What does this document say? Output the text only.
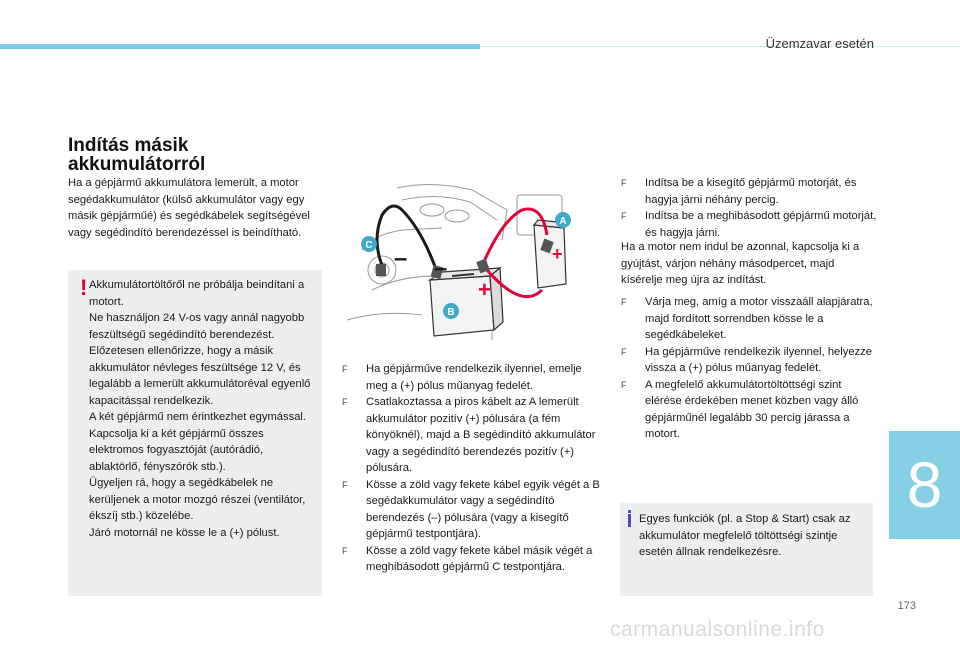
Üzemzavar esetén
Indítás másik
akkumulátorról
Ha a gépjármű akkumulátora lemerült, a motor segédakkumulátor (külső akkumulátor vagy egy másik gépjárműé) és segédkábelek segítségével vagy segédindító berendezéssel is beindítható.
! Akkumulátortöltőről ne próbálja beindítani a motort.
Ne használjon 24 V-os vagy annál nagyobb feszültségű segédindító berendezést.
Előzetesen ellenőrizze, hogy a másik akkumulátor névleges feszültsége 12 V, és legalább a lemerült akkumulátoréval egyenlő kapacitással rendelkezik.
A két gépjármű nem érintkezhet egymással.
Kapcsolja ki a két gépjármű összes elektromos fogyasztóját (autórádió, ablaktörlő, fényszórók stb.).
Ügyeljen rá, hogy a segédkábelek ne kerüljenek a motor mozgó részei (ventilátor, ékszíj stb.) közelébe.
Járó motornál ne kösse le a (+) pólust.
+
+
– –
A
C
B
F Ha gépjárműve rendelkezik ilyennel, emelje meg a (+) pólus műanyag fedelét.
F Csatlakoztassa a piros kábelt az A lemerült akkumulátor pozitív (+) pólusára (a fém könyöknél), majd a B segédindító akkumulátor vagy a segédindító berendezés pozitív (+) pólusára.
F Kösse a zöld vagy fekete kábel egyik végét a B segédakkumulátor vagy a segédindító berendezés (–) pólusára (vagy a kisegítő gépjármű testpontjára).
F Kösse a zöld vagy fekete kábel másik végét a meghibásodott gépjármű C testpontjára.
F Indítsa be a kisegítő gépjármű motorját, és hagyja járni néhány percig.
F Indítsa be a meghibásodott gépjármű motorját, és hagyja járni.
Ha a motor nem indul be azonnal, kapcsolja ki a gyújtást, várjon néhány másodpercet, majd kísérelje meg újra az indítást.
F Várja meg, amíg a motor visszaáll alapjáratra, majd fordított sorrendben kösse le a segédkábeleket.
F Ha gépjárműve rendelkezik ilyennel, helyezze vissza a (+) pólus műanyag fedelét.
F A megfelelő akkumulátortöltöttségi szint elérése érdekében menet közben vagy álló gépjárműnél legalább 30 percig járassa a motort.
Egyes funkciók (pl. a Stop & Start) csak az akkumulátor megfelelő töltöttségi szintje esetén állnak rendelkezésre.
8
173
carmanualsonline.info
